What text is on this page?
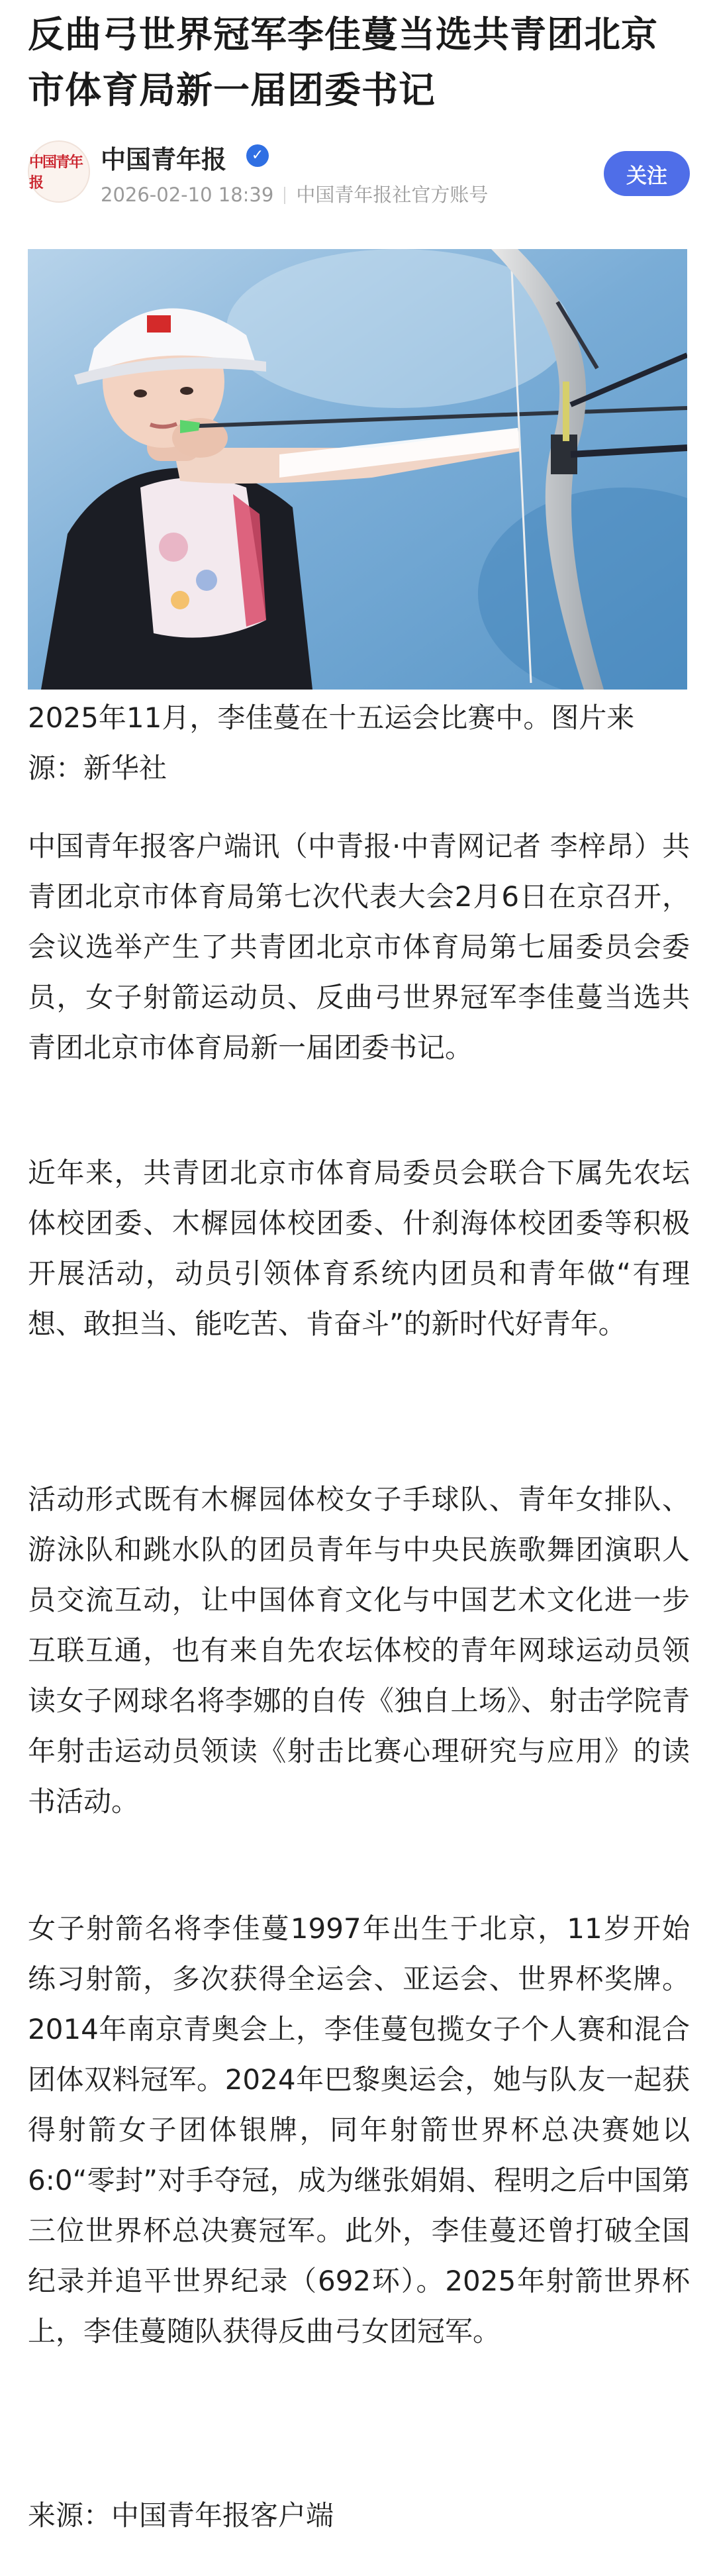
反曲弓世界冠军李佳蔓当选共青团北京市体育局新一届团委书记
中国青年报
中国青年报	✓
2026-02-10 18:39 中国青年报社官方账号
关注

2025年11月，李佳蔓在十五运会比赛中。图片来源：新华社

中国青年报客户端讯（中青报·中青网记者 李梓昂）共青团北京市体育局第七次代表大会2月6日在京召开，会议选举产生了共青团北京市体育局第七届委员会委员，女子射箭运动员、反曲弓世界冠军李佳蔓当选共青团北京市体育局新一届团委书记。

近年来，共青团北京市体育局委员会联合下属先农坛体校团委、木樨园体校团委、什刹海体校团委等积极开展活动，动员引领体育系统内团员和青年做“有理想、敢担当、能吃苦、肯奋斗”的新时代好青年。

活动形式既有木樨园体校女子手球队、青年女排队、游泳队和跳水队的团员青年与中央民族歌舞团演职人员交流互动，让中国体育文化与中国艺术文化进一步互联互通，也有来自先农坛体校的青年网球运动员领读女子网球名将李娜的自传《独自上场》、射击学院青年射击运动员领读《射击比赛心理研究与应用》的读书活动。

女子射箭名将李佳蔓1997年出生于北京，11岁开始练习射箭，多次获得全运会、亚运会、世界杯奖牌。2014年南京青奥会上，李佳蔓包揽女子个人赛和混合团体双料冠军。2024年巴黎奥运会，她与队友一起获得射箭女子团体银牌，同年射箭世界杯总决赛她以6:0“零封”对手夺冠，成为继张娟娟、程明之后中国第三位世界杯总决赛冠军。此外，李佳蔓还曾打破全国纪录并追平世界纪录（692环）。2025年射箭世界杯上，李佳蔓随队获得反曲弓女团冠军。

来源：中国青年报客户端
